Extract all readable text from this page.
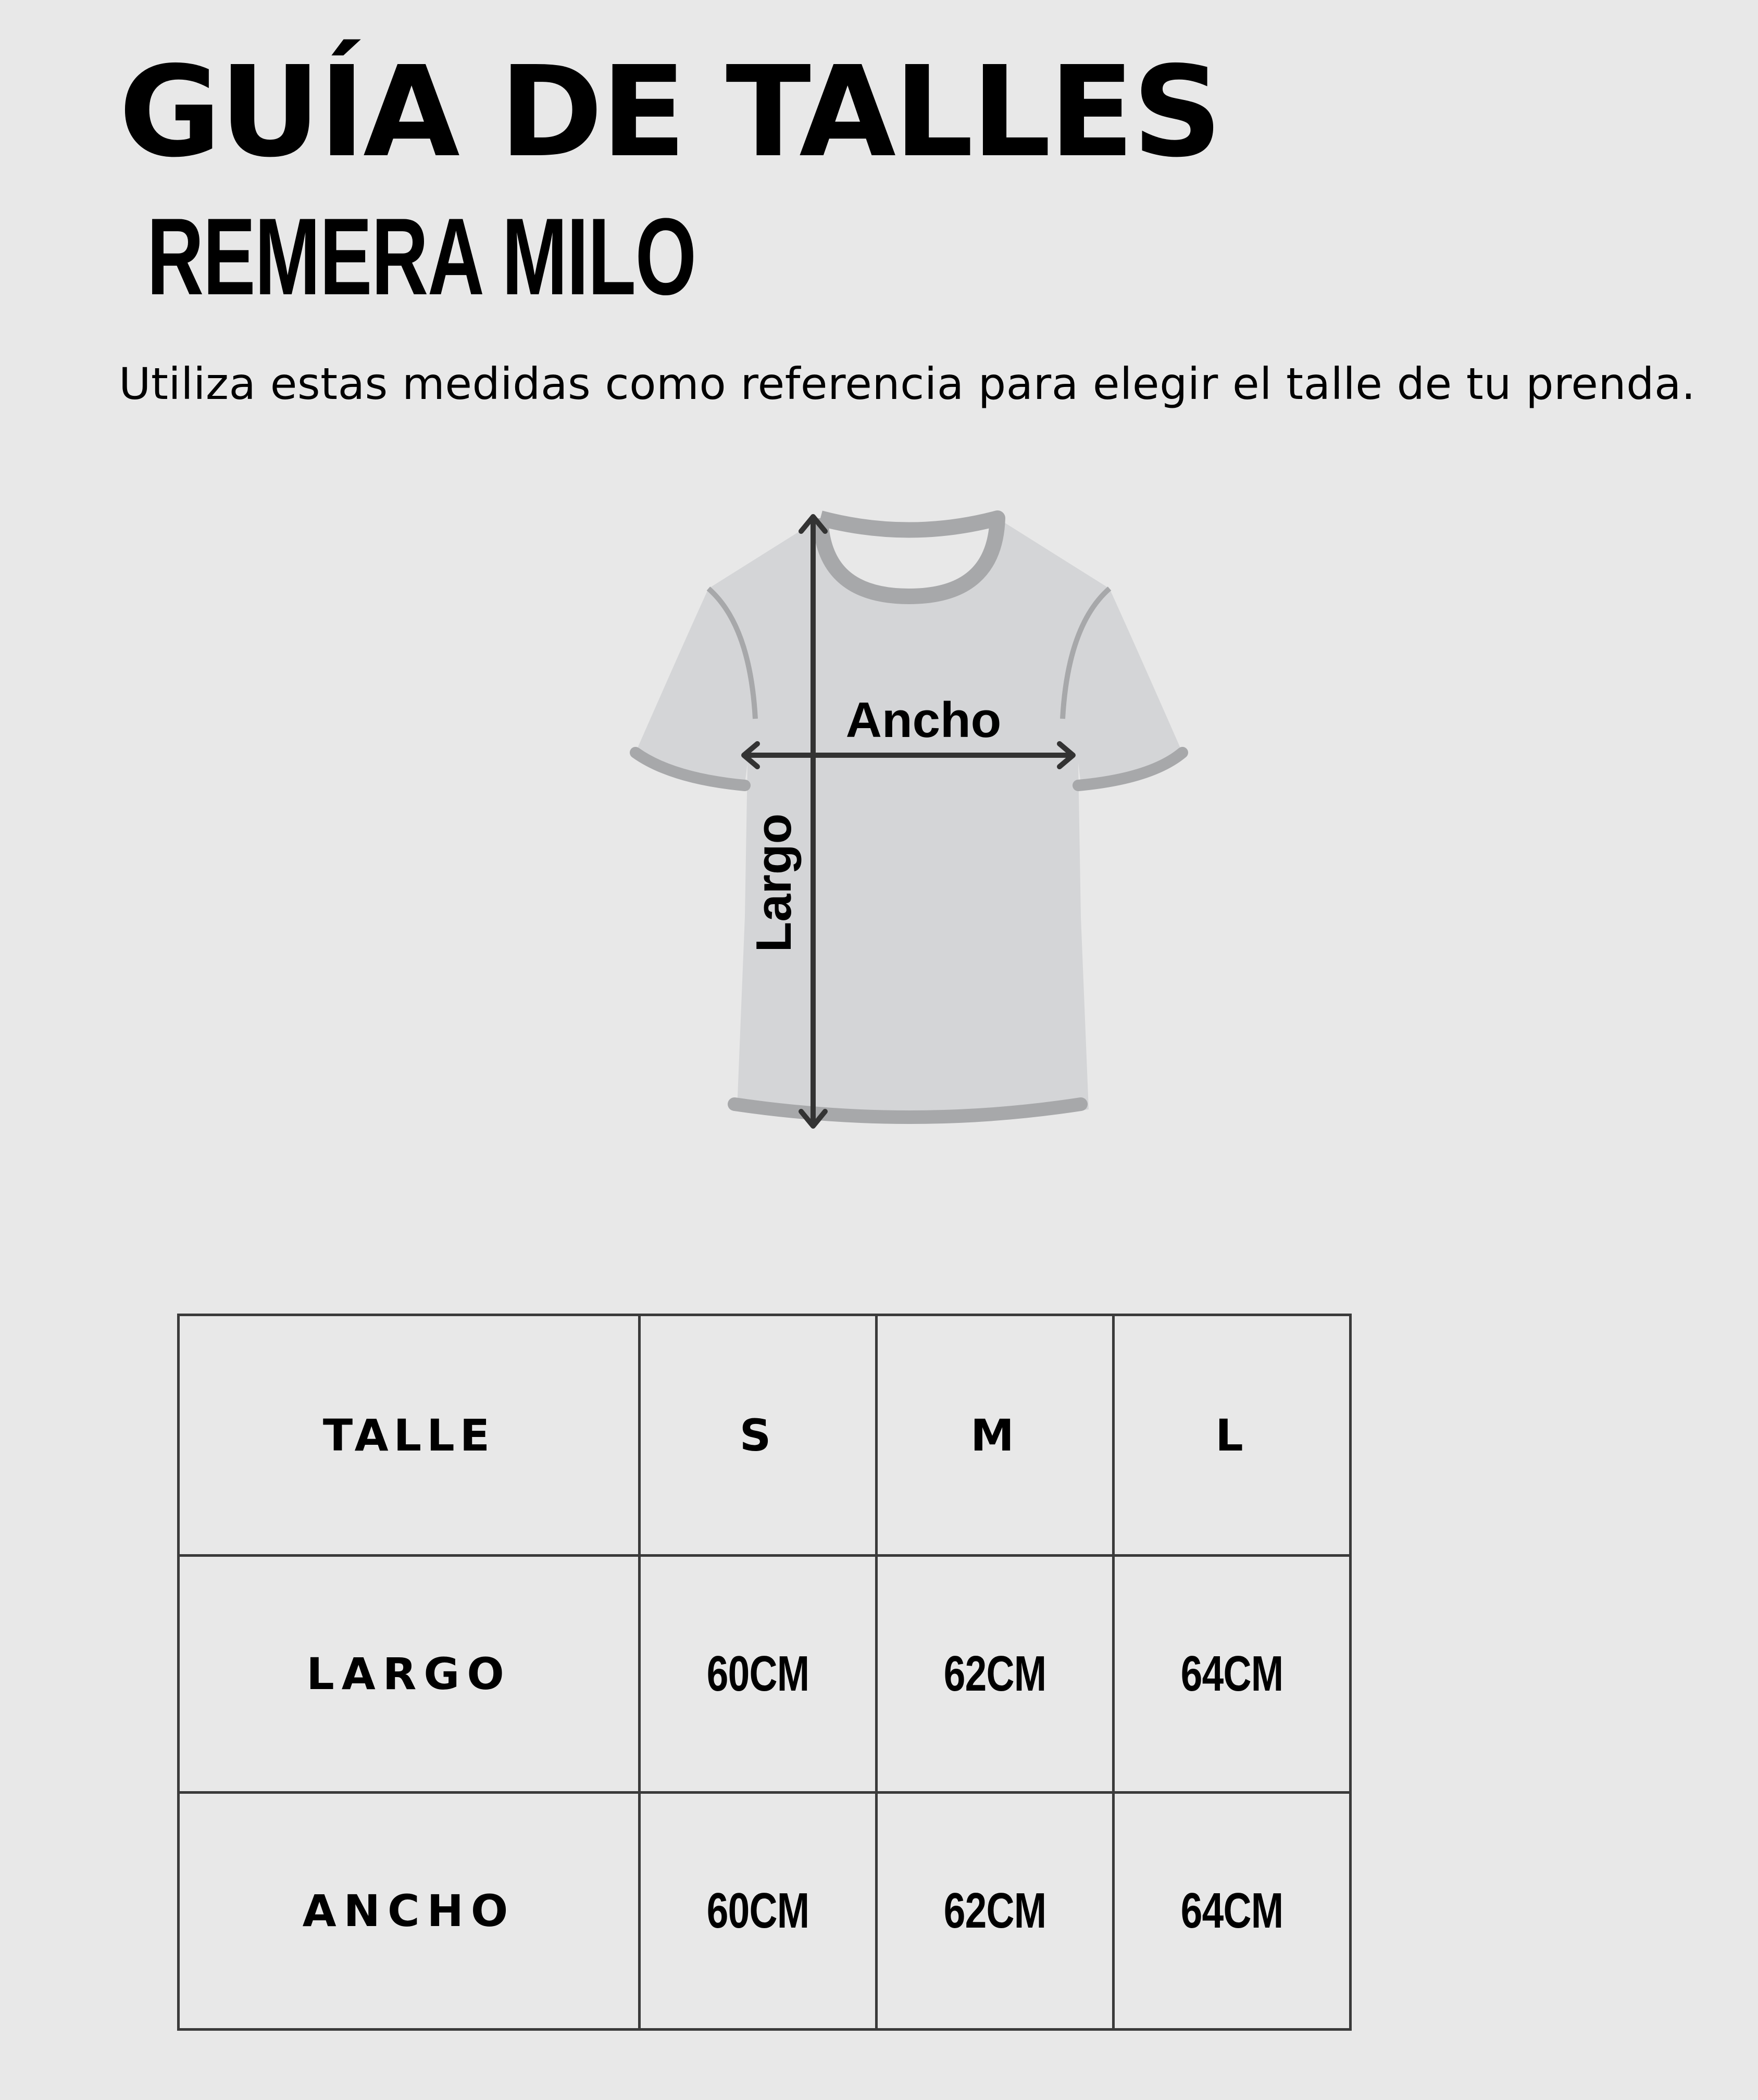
GUÍA DE TALLES
REMERA MILO

Utiliza estas medidas como referencia para elegir el talle de tu prenda.

Ancho
Largo
TALLE	S	M	L
LARGO	60CM	62CM	64CM
ANCHO	60CM	62CM	64CM
